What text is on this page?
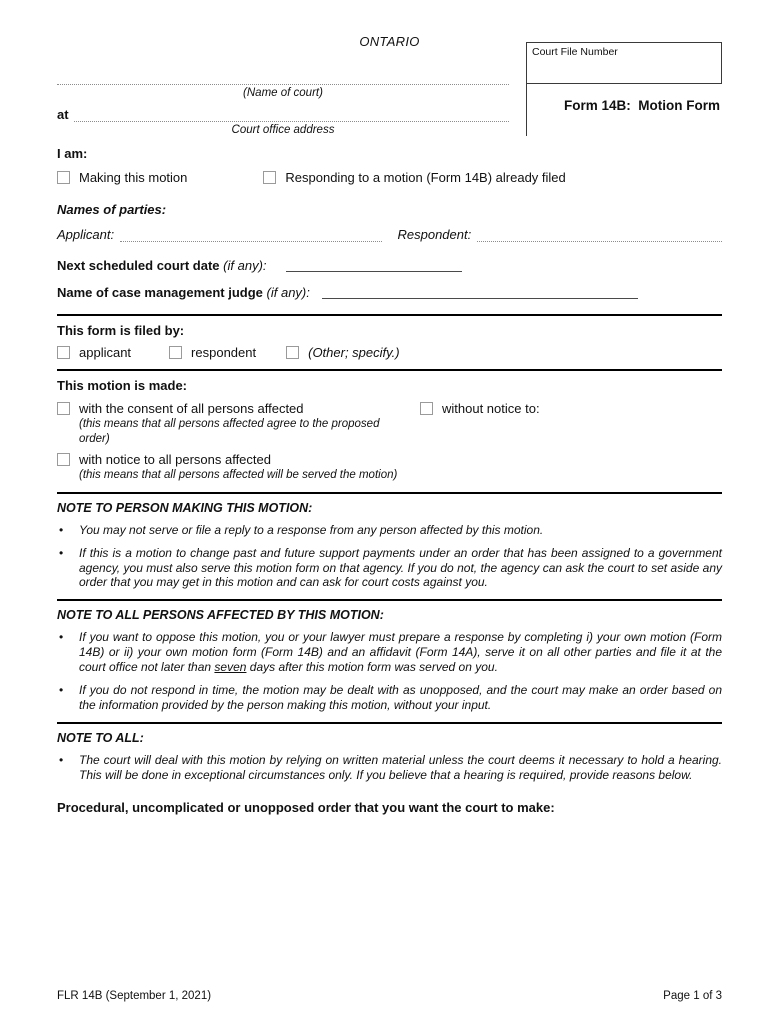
ONTARIO
Court File Number
Form 14B:  Motion Form
(Name of court)
at
Court office address
I am:
Making this motion	Responding to a motion (Form 14B) already filed
Names of parties:
Applicant:	Respondent:
Next scheduled court date (if any):
Name of case management judge (if any):
This form is filed by:
applicant	respondent	(Other; specify.)
This motion is made:
with the consent of all persons affected
(this means that all persons affected agree to the proposed order)
with notice to all persons affected
(this means that all persons affected will be served the motion)
without notice to:
NOTE TO PERSON MAKING THIS MOTION:
•	You may not serve or file a reply to a response from any person affected by this motion.
•	If this is a motion to change past and future support payments under an order that has been assigned to a government agency, you must also serve this motion form on that agency. If you do not, the agency can ask the court to set aside any order that you may get in this motion and can ask for court costs against you.
NOTE TO ALL PERSONS AFFECTED BY THIS MOTION:
•	If you want to oppose this motion, you or your lawyer must prepare a response by completing i) your own motion (Form 14B) or ii) your own motion form (Form 14B) and an affidavit (Form 14A), serve it on all other parties and file it at the court office not later than seven days after this motion form was served on you.
•	If you do not respond in time, the motion may be dealt with as unopposed, and the court may make an order based on the information provided by the person making this motion, without your input.
NOTE TO ALL:
•	The court will deal with this motion by relying on written material unless the court deems it necessary to hold a hearing. This will be done in exceptional circumstances only. If you believe that a hearing is required, provide reasons below.
Procedural, uncomplicated or unopposed order that you want the court to make:
FLR 14B (September 1, 2021)	Page 1 of 3
